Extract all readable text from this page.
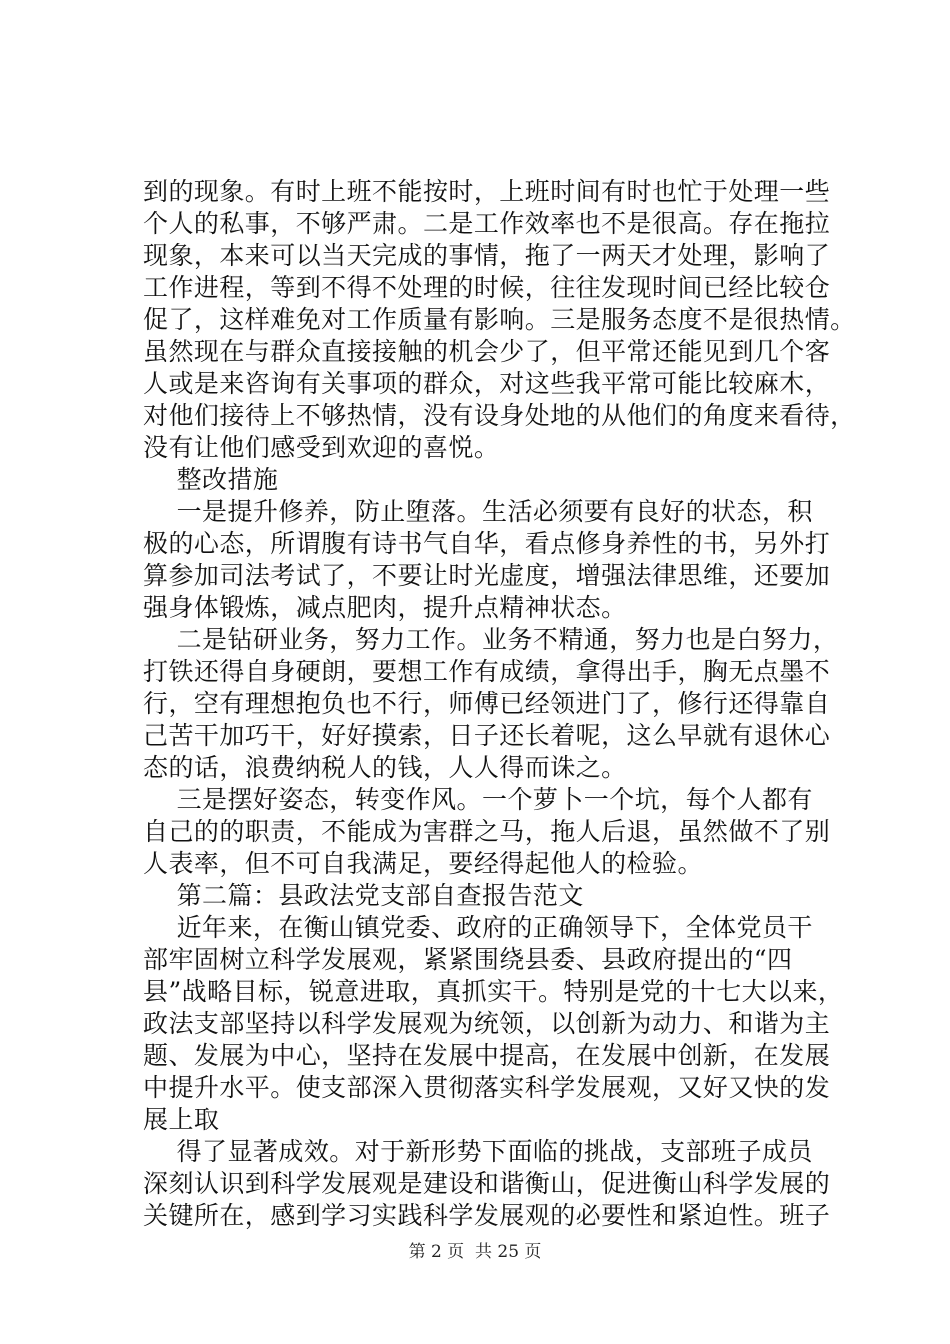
到的现象。有时上班不能按时，上班时间有时也忙于处理一些
个人的私事，不够严肃。二是工作效率也不是很高。存在拖拉
现象，本来可以当天完成的事情，拖了一两天才处理，影响了
工作进程，等到不得不处理的时候，往往发现时间已经比较仓
促了，这样难免对工作质量有影响。三是服务态度不是很热情。
虽然现在与群众直接接触的机会少了，但平常还能见到几个客
人或是来咨询有关事项的群众，对这些我平常可能比较麻木，
对他们接待上不够热情，没有设身处地的从他们的角度来看待，
没有让他们感受到欢迎的喜悦。
整改措施
一是提升修养，防止堕落。生活必须要有良好的状态，积
极的心态，所谓腹有诗书气自华，看点修身养性的书，另外打
算参加司法考试了，不要让时光虚度，增强法律思维，还要加
强身体锻炼，减点肥肉，提升点精神状态。
二是钻研业务，努力工作。业务不精通，努力也是白努力，
打铁还得自身硬朗，要想工作有成绩，拿得出手，胸无点墨不
行，空有理想抱负也不行，师傅已经领进门了，修行还得靠自
己苦干加巧干，好好摸索，日子还长着呢，这么早就有退休心
态的话，浪费纳税人的钱，人人得而诛之。
三是摆好姿态，转变作风。一个萝卜一个坑，每个人都有
自己的的职责，不能成为害群之马，拖人后退，虽然做不了别
人表率，但不可自我满足，要经得起他人的检验。
第二篇：县政法党支部自查报告范文
近年来，在衡山镇党委、政府的正确领导下，全体党员干
部牢固树立科学发展观，紧紧围绕县委、县政府提出的“四
县”战略目标，锐意进取，真抓实干。特别是党的十七大以来，
政法支部坚持以科学发展观为统领，以创新为动力、和谐为主
题、发展为中心，坚持在发展中提高，在发展中创新，在发展
中提升水平。使支部深入贯彻落实科学发展观，又好又快的发
展上取
得了显著成效。对于新形势下面临的挑战，支部班子成员
深刻认识到科学发展观是建设和谐衡山，促进衡山科学发展的
关键所在，感到学习实践科学发展观的必要性和紧迫性。班子
第 2 页  共 25 页
